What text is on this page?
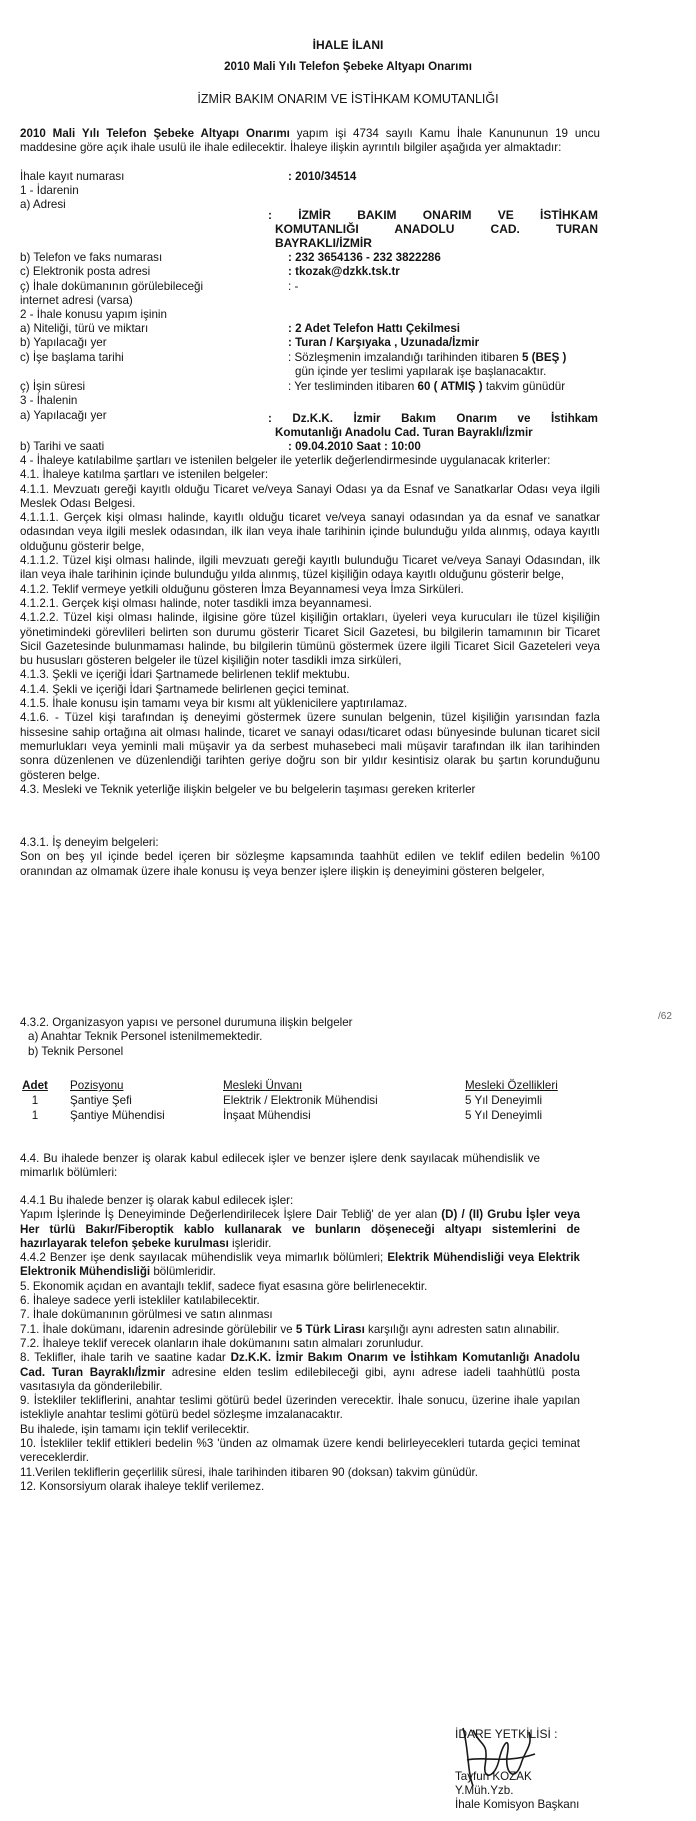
İHALE İLANI
2010 Mali Yılı Telefon Şebeke Altyapı Onarımı
İZMİR BAKIM ONARIM VE İSTİHKAM KOMUTANLIĞI

2010 Mali Yılı Telefon Şebeke Altyapı Onarımı yapım işi 4734 sayılı Kamu İhale Kanununun 19 uncu maddesine göre açık ihale usulü ile ihale edilecektir. İhaleye ilişkin ayrıntılı bilgiler aşağıda yer almaktadır:

İhale kayıt numarası	: 2010/34514
1 - İdarenin
a) Adresi
: İZMİR BAKIM ONARIM VE İSTİHKAM
KOMUTANLIĞI ANADOLU CAD. TURAN
BAYRAKLI/İZMİR
b) Telefon ve faks numarası	: 232 3654136 - 232 3822286
c) Elektronik posta adresi	: tkozak@dzkk.tsk.tr
ç) İhale dokümanının görülebileceği	: -
internet adresi (varsa)
2 - İhale konusu yapım işinin
a) Niteliği, türü ve miktarı	: 2 Adet Telefon Hattı Çekilmesi
b) Yapılacağı yer	: Turan / Karşıyaka , Uzunada/İzmir
c) İşe başlama tarihi	: Sözleşmenin imzalandığı tarihinden itibaren 5 (BEŞ )
gün içinde yer teslimi yapılarak işe başlanacaktır.
ç) İşin süresi	: Yer tesliminden itibaren 60 ( ATMIŞ ) takvim günüdür
3 - İhalenin
a) Yapılacağı yer	: Dz.K.K. İzmir Bakım Onarım ve İstihkam
Komutanlığı Anadolu Cad. Turan Bayraklı/İzmir
b) Tarihi ve saati	: 09.04.2010 Saat : 10:00

4 - İhaleye katılabilme şartları ve istenilen belgeler ile yeterlik değerlendirmesinde uygulanacak kriterler:

4.1. İhaleye katılma şartları ve istenilen belgeler:

4.1.1. Mevzuatı gereği kayıtlı olduğu Ticaret ve/veya Sanayi Odası ya da Esnaf ve Sanatkarlar Odası veya ilgili Meslek Odası Belgesi.

4.1.1.1. Gerçek kişi olması halinde, kayıtlı olduğu ticaret ve/veya sanayi odasından ya da esnaf ve sanatkar odasından veya ilgili meslek odasından, ilk ilan veya ihale tarihinin içinde bulunduğu yılda alınmış, odaya kayıtlı olduğunu gösterir belge,

4.1.1.2. Tüzel kişi olması halinde, ilgili mevzuatı gereği kayıtlı bulunduğu Ticaret ve/veya Sanayi Odasından, ilk ilan veya ihale tarihinin içinde bulunduğu yılda alınmış, tüzel kişiliğin odaya kayıtlı olduğunu gösterir belge,

4.1.2. Teklif vermeye yetkili olduğunu gösteren İmza Beyannamesi veya İmza Sirküleri.

4.1.2.1. Gerçek kişi olması halinde, noter tasdikli imza beyannamesi.

4.1.2.2. Tüzel kişi olması halinde, ilgisine göre tüzel kişiliğin ortakları, üyeleri veya kurucuları ile tüzel kişiliğin yönetimindeki görevlileri belirten son durumu gösterir Ticaret Sicil Gazetesi, bu bilgilerin tamamının bir Ticaret Sicil Gazetesinde bulunmaması halinde, bu bilgilerin tümünü göstermek üzere ilgili Ticaret Sicil Gazeteleri veya bu hususları gösteren belgeler ile tüzel kişiliğin noter tasdikli imza sirküleri,

4.1.3. Şekli ve içeriği İdari Şartnamede belirlenen teklif mektubu.

4.1.4. Şekli ve içeriği İdari Şartnamede belirlenen geçici teminat.

4.1.5. İhale konusu işin tamamı veya bir kısmı alt yüklenicilere yaptırılamaz.

4.1.6. - Tüzel kişi tarafından iş deneyimi göstermek üzere sunulan belgenin, tüzel kişiliğin yarısından fazla hissesine sahip ortağına ait olması halinde, ticaret ve sanayi odası/ticaret odası bünyesinde bulunan ticaret sicil memurlukları veya yeminli mali müşavir ya da serbest muhasebeci mali müşavir tarafından ilk ilan tarihinden sonra düzenlenen ve düzenlendiği tarihten geriye doğru son bir yıldır kesintisiz olarak bu şartın korunduğunu gösteren belge.

4.3. Mesleki ve Teknik yeterliğe ilişkin belgeler ve bu belgelerin taşıması gereken kriterler

4.3.1. İş deneyim belgeleri:

Son on beş yıl içinde bedel içeren bir sözleşme kapsamında taahhüt edilen ve teklif edilen bedelin %100 oranından az olmamak üzere ihale konusu iş veya benzer işlere ilişkin iş deneyimini gösteren belgeler,

/62

4.3.2. Organizasyon yapısı ve personel durumuna ilişkin belgeler

a) Anahtar Teknik Personel istenilmemektedir.

b) Teknik Personel

Adet Pozisyonu	Mesleki Ünvanı	Mesleki Özellikleri
1	Şantiye Şefi	Elektrik / Elektronik Mühendisi	5 Yıl Deneyimli
1	Şantiye Mühendisi	İnşaat Mühendisi	5 Yıl Deneyimli

4.4. Bu ihalede benzer iş olarak kabul edilecek işler ve benzer işlere denk sayılacak mühendislik ve mimarlık bölümleri:

4.4.1 Bu ihalede benzer iş olarak kabul edilecek işler:

Yapım İşlerinde İş Deneyiminde Değerlendirilecek İşlere Dair Tebliğ' de yer alan (D) / (II) Grubu İşler veya Her türlü Bakır/Fiberoptik kablo kullanarak ve bunların döşeneceği altyapı sistemlerini de hazırlayarak telefon şebeke kurulması işleridir.

4.4.2 Benzer işe denk sayılacak mühendislik veya mimarlık bölümleri; Elektrik Mühendisliği veya Elektrik Elektronik Mühendisliği bölümleridir.

5. Ekonomik açıdan en avantajlı teklif, sadece fiyat esasına göre belirlenecektir.

6. İhaleye sadece yerli istekliler katılabilecektir.

7. İhale dokümanının görülmesi ve satın alınması

7.1. İhale dokümanı, idarenin adresinde görülebilir ve 5 Türk Lirası karşılığı aynı adresten satın alınabilir.

7.2. İhaleye teklif verecek olanların ihale dokümanını satın almaları zorunludur.

8. Teklifler, ihale tarih ve saatine kadar Dz.K.K. İzmir Bakım Onarım ve İstihkam Komutanlığı Anadolu Cad. Turan Bayraklı/İzmir adresine elden teslim edilebileceği gibi, aynı adrese iadeli taahhütlü posta vasıtasıyla da gönderilebilir.

9. İstekliler tekliflerini, anahtar teslimi götürü bedel üzerinden verecektir. İhale sonucu, üzerine ihale yapılan istekliyle anahtar teslimi götürü bedel sözleşme imzalanacaktır.

Bu ihalede, işin tamamı için teklif verilecektir.

10. İstekliler teklif ettikleri bedelin %3 'ünden az olmamak üzere kendi belirleyecekleri tutarda geçici teminat vereceklerdir.

11.Verilen tekliflerin geçerlilik süresi, ihale tarihinden itibaren 90 (doksan) takvim günüdür.

12. Konsorsiyum olarak ihaleye teklif verilemez.

İDARE YETKİLİSİ :
Tayfun KOZAK
Y.Müh.Yzb.
İhale Komisyon Başkanı
